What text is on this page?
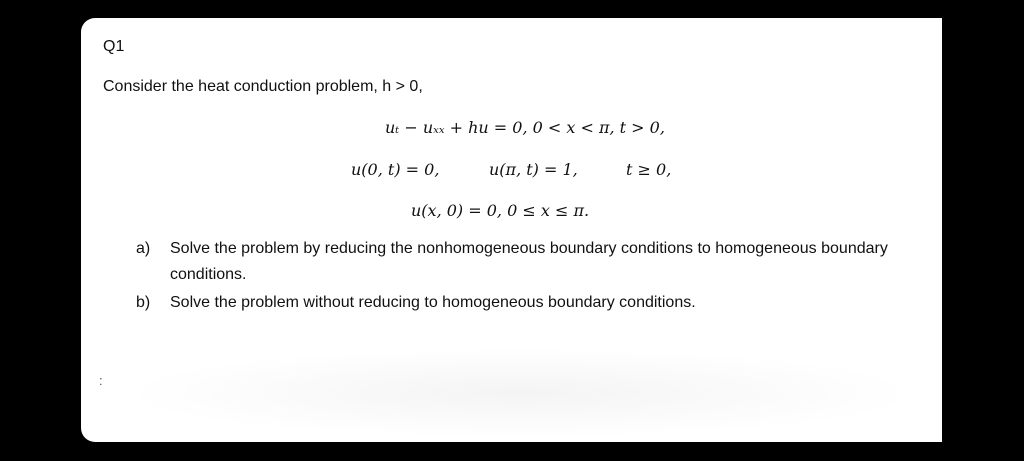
Q1
Consider the heat conduction problem, h > 0,
uₜ − uₓₓ + hu = 0, 0 < x < π, t > 0,
u(0, t) = 0,	u(π, t) = 1,	t ≥ 0,
u(x, 0) = 0, 0 ≤ x ≤ π.
a) Solve the problem by reducing the nonhomogeneous boundary conditions to homogeneous boundary conditions.
b) Solve the problem without reducing to homogeneous boundary conditions.
:
